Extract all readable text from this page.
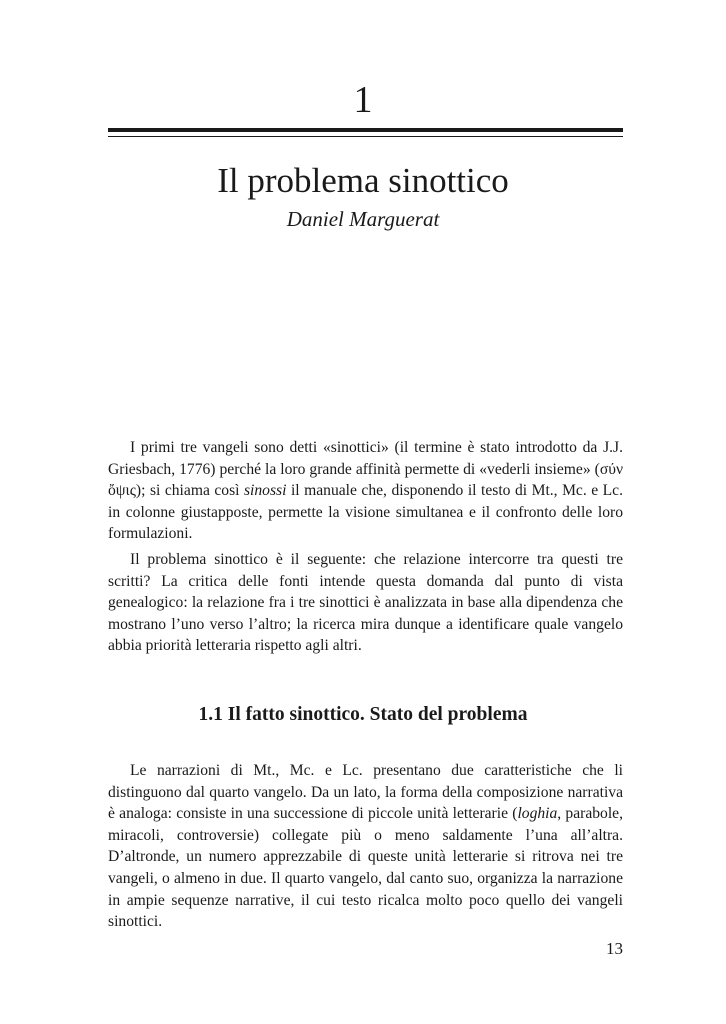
1
Il problema sinottico
Daniel Marguerat

I primi tre vangeli sono detti «sinottici» (il termine è stato introdotto da J.J. Griesbach, 1776) perché la loro grande affinità permette di «vederli insieme» (σύν ὄψις); si chiama così sinossi il manuale che, disponendo il testo di Mt., Mc. e Lc. in colonne giustapposte, permette la visione simultanea e il confronto delle loro formulazioni.

Il problema sinottico è il seguente: che relazione intercorre tra questi tre scritti? La critica delle fonti intende questa domanda dal punto di vista genealogico: la relazione fra i tre sinottici è analizzata in base alla dipendenza che mostrano l’uno verso l’altro; la ricerca mira dunque a identificare quale vangelo abbia priorità letteraria rispetto agli altri.

1.1 Il fatto sinottico. Stato del problema

Le narrazioni di Mt., Mc. e Lc. presentano due caratteristiche che li distinguono dal quarto vangelo. Da un lato, la forma della composizione narrativa è analoga: consiste in una successione di piccole unità letterarie (loghia, parabole, miracoli, controversie) collegate più o meno saldamente l’una all’altra. D’altronde, un numero apprezzabile di queste unità letterarie si ritrova nei tre vangeli, o almeno in due. Il quarto vangelo, dal canto suo, organizza la narrazione in ampie sequenze narrative, il cui testo ricalca molto poco quello dei vangeli sinottici.

13
